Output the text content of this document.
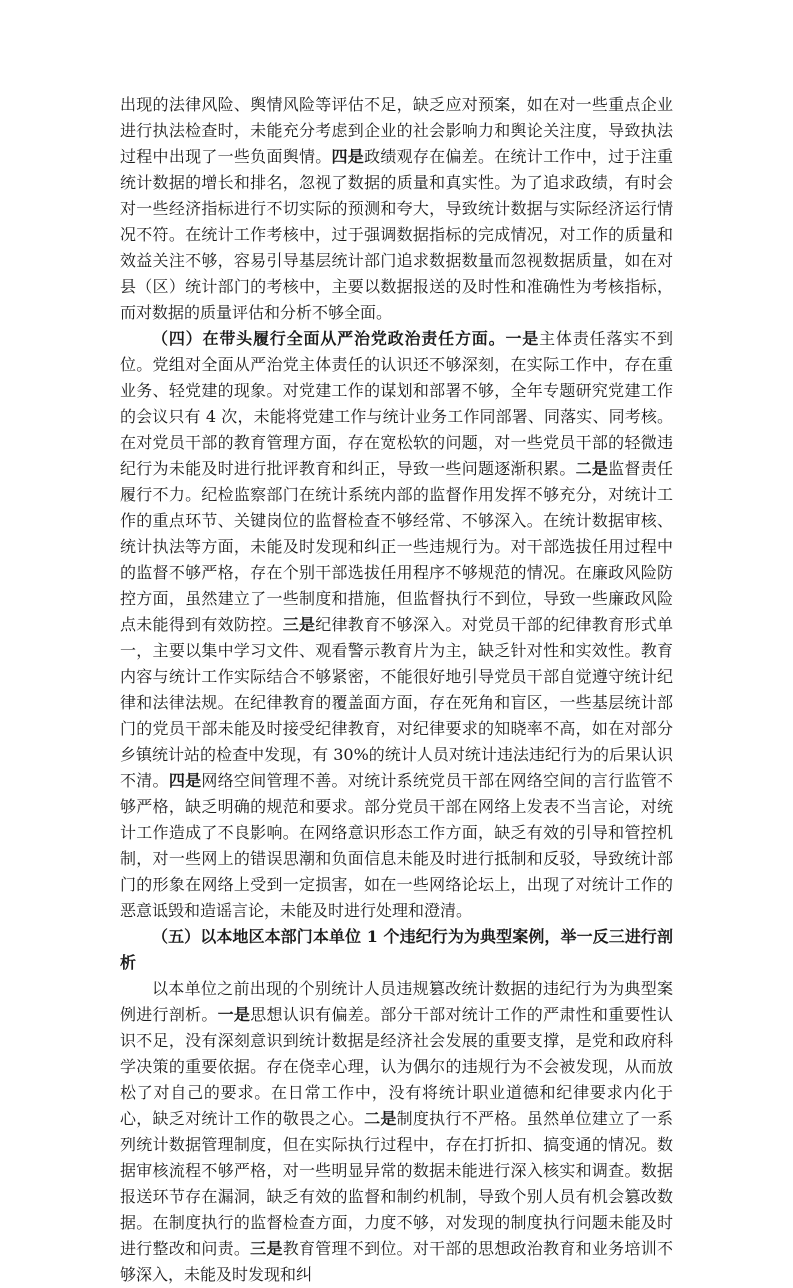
出现的法律风险、舆情风险等评估不足，缺乏应对预案，如在对一些重点企业进行执法检查时，未能充分考虑到企业的社会影响力和舆论关注度，导致执法过程中出现了一些负面舆情。四是政绩观存在偏差。在统计工作中，过于注重统计数据的增长和排名，忽视了数据的质量和真实性。为了追求政绩，有时会对一些经济指标进行不切实际的预测和夸大，导致统计数据与实际经济运行情况不符。在统计工作考核中，过于强调数据指标的完成情况，对工作的质量和效益关注不够，容易引导基层统计部门追求数据数量而忽视数据质量，如在对县（区）统计部门的考核中，主要以数据报送的及时性和准确性为考核指标，而对数据的质量评估和分析不够全面。

（四）在带头履行全面从严治党政治责任方面。一是主体责任落实不到位。党组对全面从严治党主体责任的认识还不够深刻，在实际工作中，存在重业务、轻党建的现象。对党建工作的谋划和部署不够，全年专题研究党建工作的会议只有 4 次，未能将党建工作与统计业务工作同部署、同落实、同考核。在对党员干部的教育管理方面，存在宽松软的问题，对一些党员干部的轻微违纪行为未能及时进行批评教育和纠正，导致一些问题逐渐积累。二是监督责任履行不力。纪检监察部门在统计系统内部的监督作用发挥不够充分，对统计工作的重点环节、关键岗位的监督检查不够经常、不够深入。在统计数据审核、统计执法等方面，未能及时发现和纠正一些违规行为。对干部选拔任用过程中的监督不够严格，存在个别干部选拔任用程序不够规范的情况。在廉政风险防控方面，虽然建立了一些制度和措施，但监督执行不到位，导致一些廉政风险点未能得到有效防控。三是纪律教育不够深入。对党员干部的纪律教育形式单一，主要以集中学习文件、观看警示教育片为主，缺乏针对性和实效性。教育内容与统计工作实际结合不够紧密，不能很好地引导党员干部自觉遵守统计纪律和法律法规。在纪律教育的覆盖面方面，存在死角和盲区，一些基层统计部门的党员干部未能及时接受纪律教育，对纪律要求的知晓率不高，如在对部分乡镇统计站的检查中发现，有 30%的统计人员对统计违法违纪行为的后果认识不清。四是网络空间管理不善。对统计系统党员干部在网络空间的言行监管不够严格，缺乏明确的规范和要求。部分党员干部在网络上发表不当言论，对统计工作造成了不良影响。在网络意识形态工作方面，缺乏有效的引导和管控机制，对一些网上的错误思潮和负面信息未能及时进行抵制和反驳，导致统计部门的形象在网络上受到一定损害，如在一些网络论坛上，出现了对统计工作的恶意诋毁和造谣言论，未能及时进行处理和澄清。

（五）以本地区本部门本单位 1 个违纪行为为典型案例，举一反三进行剖析

以本单位之前出现的个别统计人员违规篡改统计数据的违纪行为为典型案例进行剖析。一是思想认识有偏差。部分干部对统计工作的严肃性和重要性认识不足，没有深刻意识到统计数据是经济社会发展的重要支撑，是党和政府科学决策的重要依据。存在侥幸心理，认为偶尔的违规行为不会被发现，从而放松了对自己的要求。在日常工作中，没有将统计职业道德和纪律要求内化于心，缺乏对统计工作的敬畏之心。二是制度执行不严格。虽然单位建立了一系列统计数据管理制度，但在实际执行过程中，存在打折扣、搞变通的情况。数据审核流程不够严格，对一些明显异常的数据未能进行深入核实和调查。数据报送环节存在漏洞，缺乏有效的监督和制约机制，导致个别人员有机会篡改数据。在制度执行的监督检查方面，力度不够，对发现的制度执行问题未能及时进行整改和问责。三是教育管理不到位。对干部的思想政治教育和业务培训不够深入，未能及时发现和纠
